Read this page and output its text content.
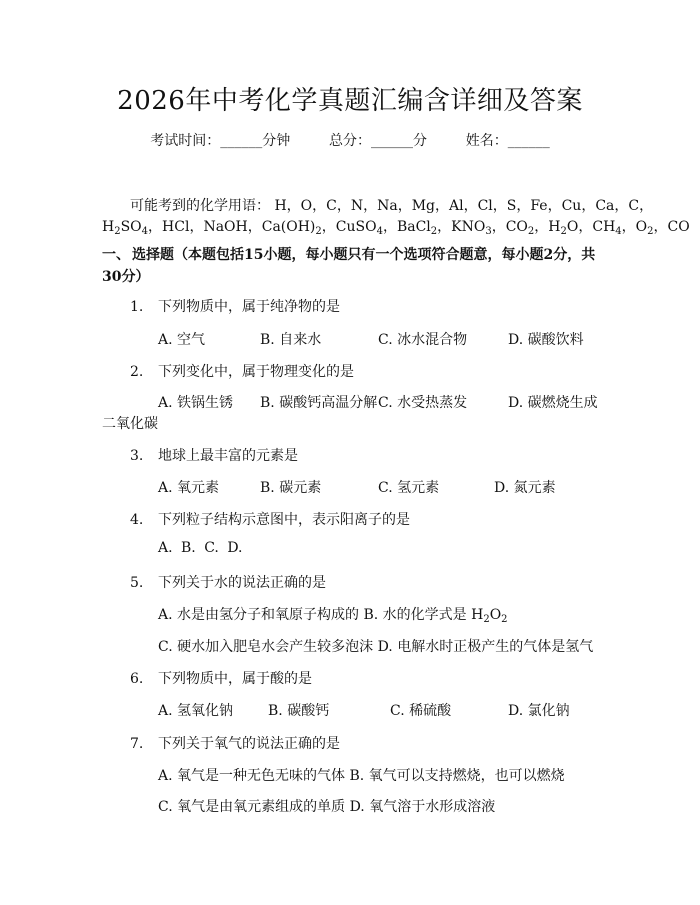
2026年中考化学真题汇编含详细及答案
考试时间：______分钟	总分：______分	姓名：______
可能考到的化学用语： H，O，C，N，Na，Mg，Al，Cl，S，Fe，Cu，Ca，C，
$H_2SO_4$，HCl，NaOH，$Ca(OH)_2$，CuSO$_4$，BaCl$_2$，$KNO_3$，$CO_2$，$H_2O$，$CH_4$，$O_2$，CO
一、 选择题（本题包括15小题，每小题只有一个选项符合题意，每小题2分，共30分）
1. 下列物质中，属于纯净物的是
A. 空气	B. 自来水	C. 冰水混合物	D. 碳酸饮料
2. 下列变化中，属于物理变化的是
A. 铁锅生锈 B. 碳酸钙高温分解 C. 水受热蒸发	D. 碳燃烧生成
二氧化碳
3. 地球上最丰富的元素是
A. 氧元素	B. 碳元素	C. 氢元素	D. 氮元素
4. 下列粒子结构示意图中，表示阳离子的是
A. B. C. D.
5. 下列关于水的说法正确的是
A. 水是由氢分子和氧原子构成的 B. 水的化学式是 $H_2O_2$
C. 硬水加入肥皂水会产生较多泡沫 D. 电解水时正极产生的气体是氢气
6. 下列物质中，属于酸的是
A. 氢氧化钠 B. 碳酸钙	C. 稀硫酸	D. 氯化钠
7. 下列关于氧气的说法正确的是
A. 氧气是一种无色无味的气体 B. 氧气可以支持燃烧，也可以燃烧
C. 氧气是由氧元素组成的单质 D. 氧气溶于水形成溶液
